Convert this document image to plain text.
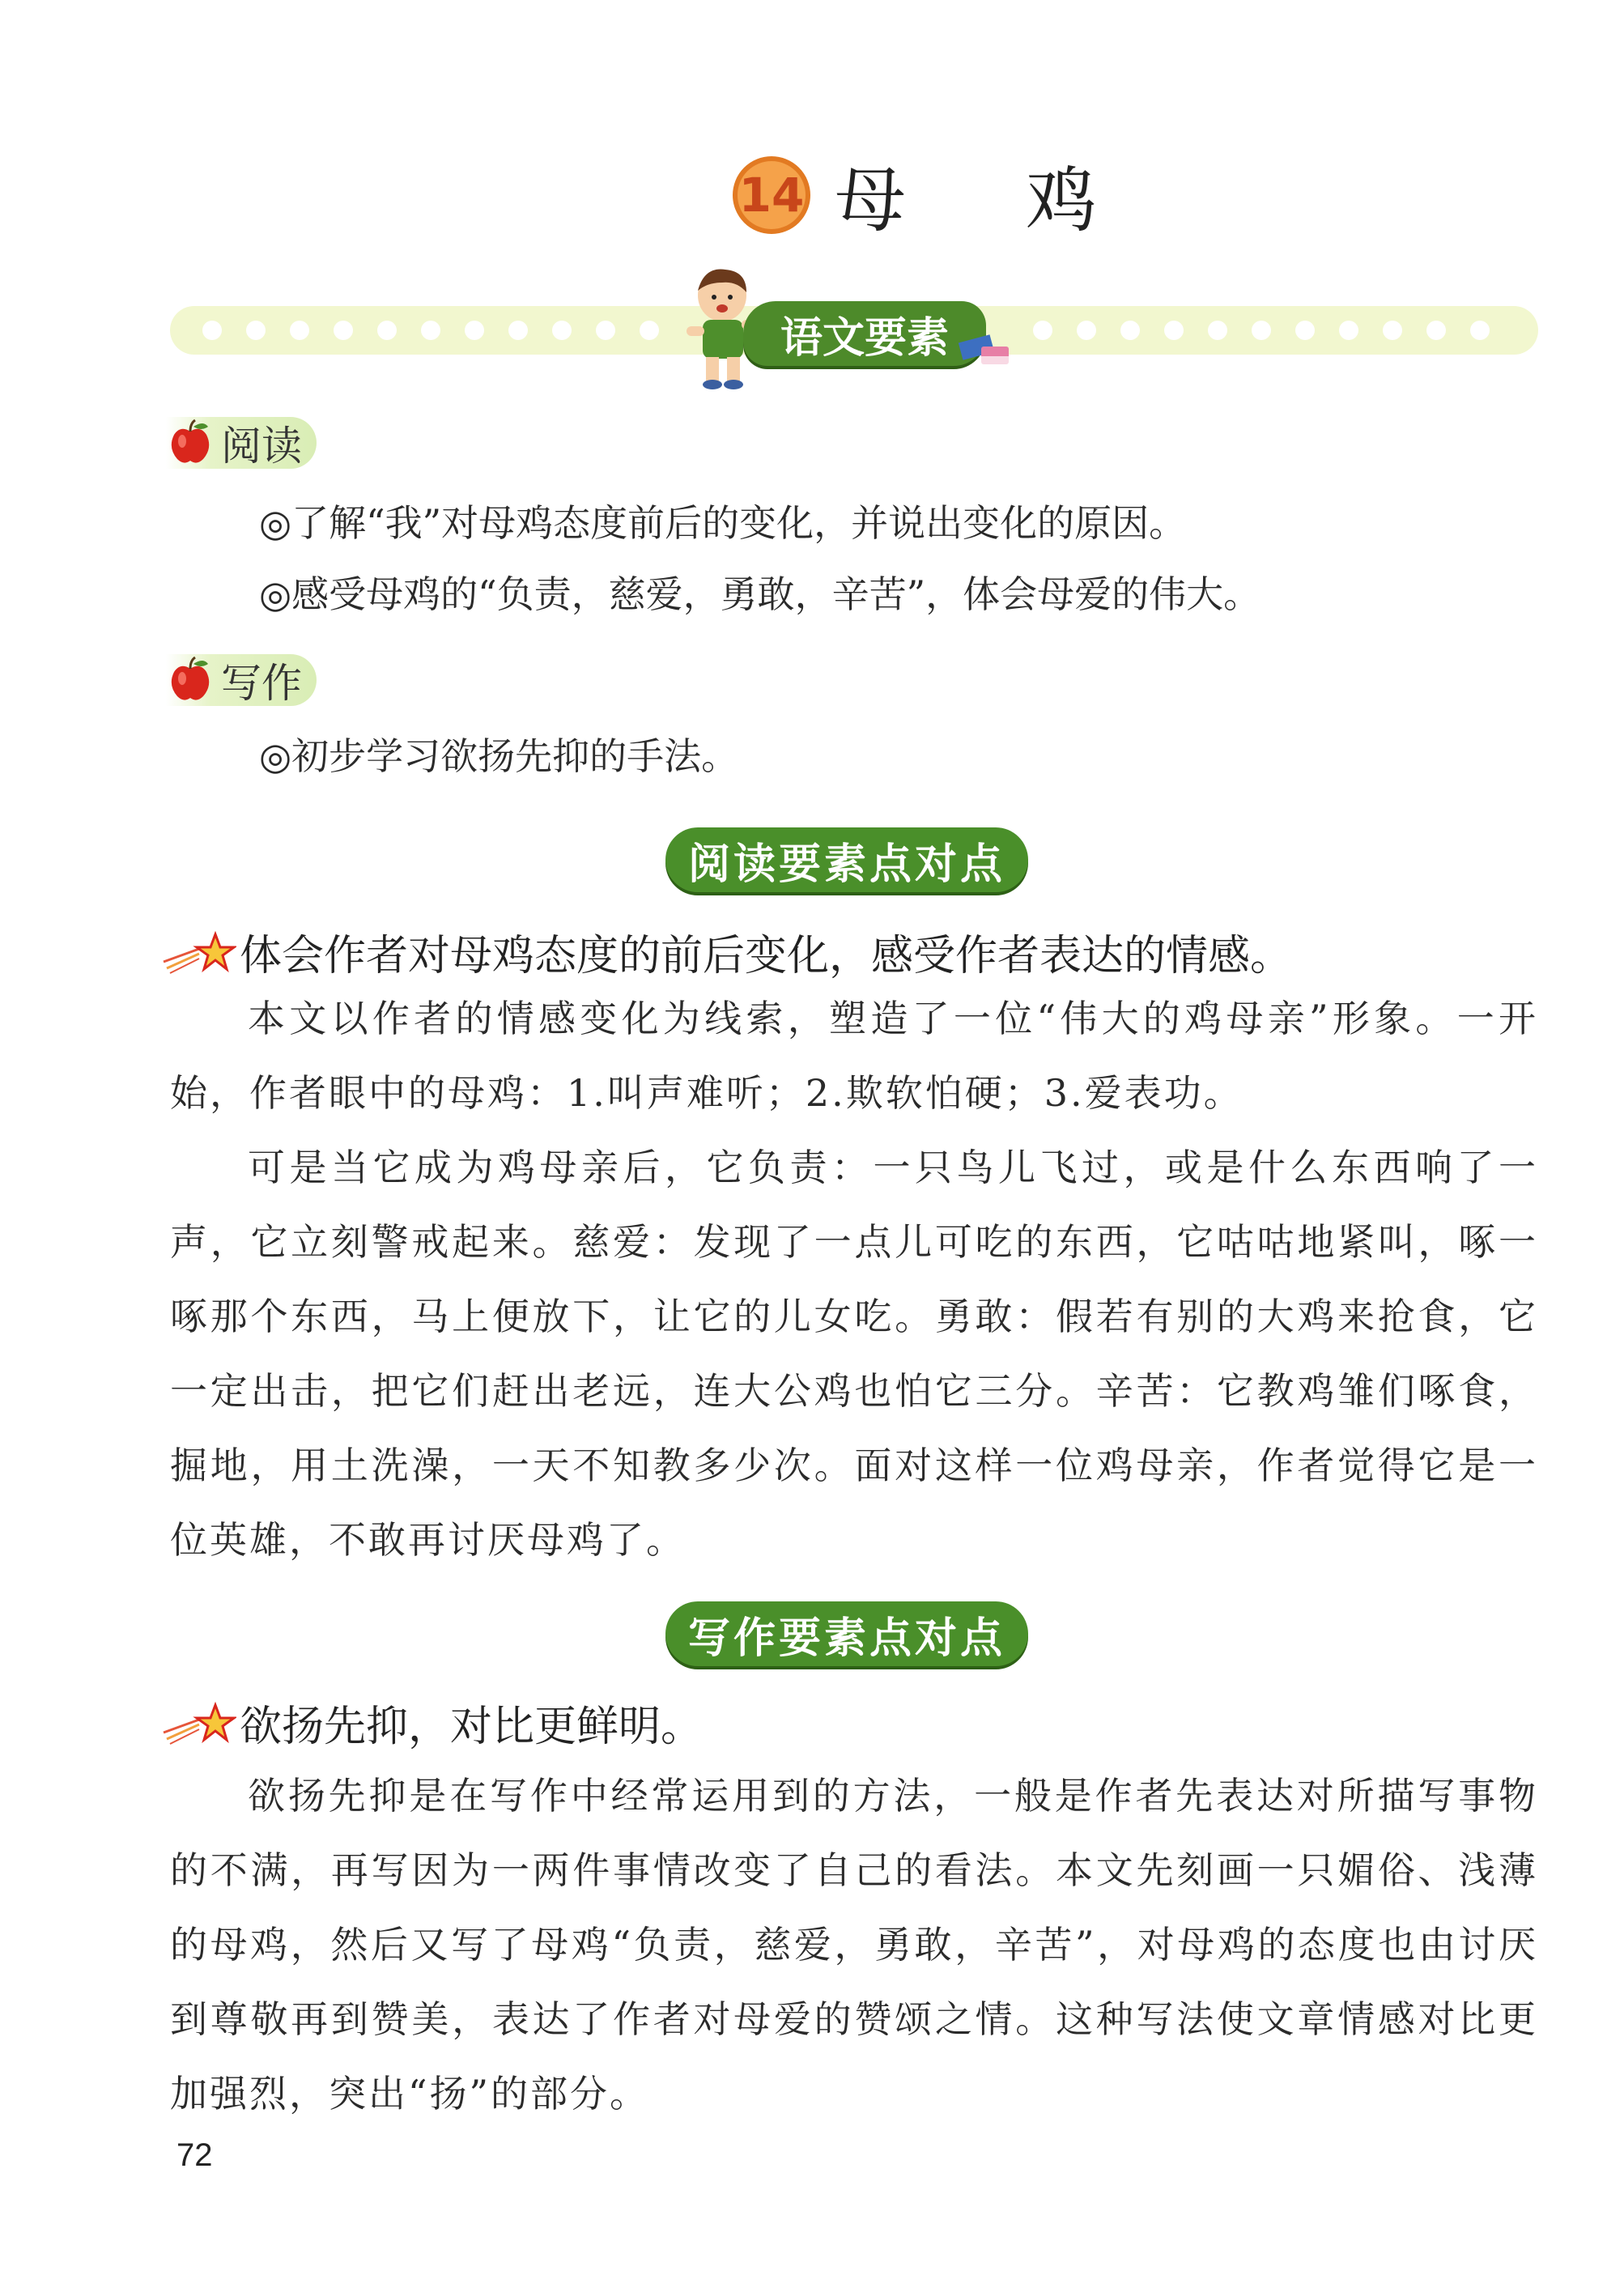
14 母 鸡
语文要素
阅读
◎了解“我”对母鸡态度前后的变化，并说出变化的原因。
◎感受母鸡的“负责，慈爱，勇敢，辛苦”，体会母爱的伟大。
写作
◎初步学习欲扬先抑的手法。
阅读要素点对点
体会作者对母鸡态度的前后变化，感受作者表达的情感。
本文以作者的情感变化为线索，塑造了一位“伟大的鸡母亲”形象。一开始，作者眼中的母鸡：1.叫声难听；2.欺软怕硬；3.爱表功。
可是当它成为鸡母亲后，它负责：一只鸟儿飞过，或是什么东西响了一声，它立刻警戒起来。慈爱：发现了一点儿可吃的东西，它咕咕地紧叫，啄一啄那个东西，马上便放下，让它的儿女吃。勇敢：假若有别的大鸡来抢食，它一定出击，把它们赶出老远，连大公鸡也怕它三分。辛苦：它教鸡雏们啄食，掘地，用土洗澡，一天不知教多少次。面对这样一位鸡母亲，作者觉得它是一位英雄，不敢再讨厌母鸡了。
写作要素点对点
欲扬先抑，对比更鲜明。
欲扬先抑是在写作中经常运用到的方法，一般是作者先表达对所描写事物的不满，再写因为一两件事情改变了自己的看法。本文先刻画一只媚俗、浅薄的母鸡，然后又写了母鸡“负责，慈爱，勇敢，辛苦”，对母鸡的态度也由讨厌到尊敬再到赞美，表达了作者对母爱的赞颂之情。这种写法使文章情感对比更加强烈，突出“扬”的部分。
72
